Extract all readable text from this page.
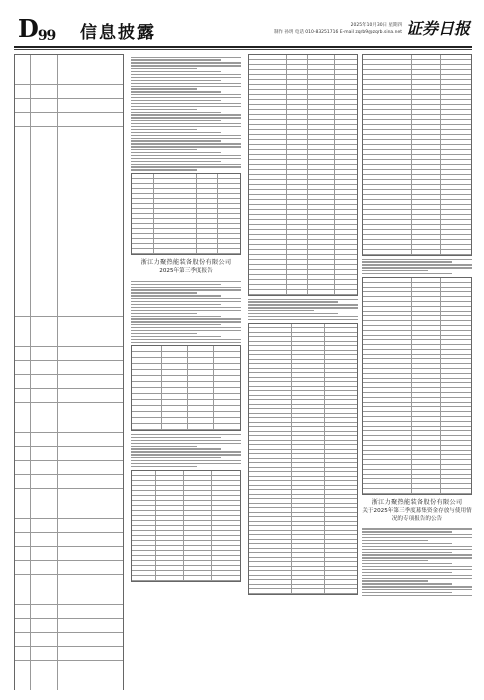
D99 信息披露	2025年10月30日 星期四
制作 孙玥 电话 010-83251716 E-mail zqrb9@zqrb.sina.net 证券日报
浙江力聚热能装备股份有限公司
2025年第三季度报告
浙江力聚热能装备股份有限公司
关于2025年第三季度募集资金存放与使用情况的专项报告的公告
